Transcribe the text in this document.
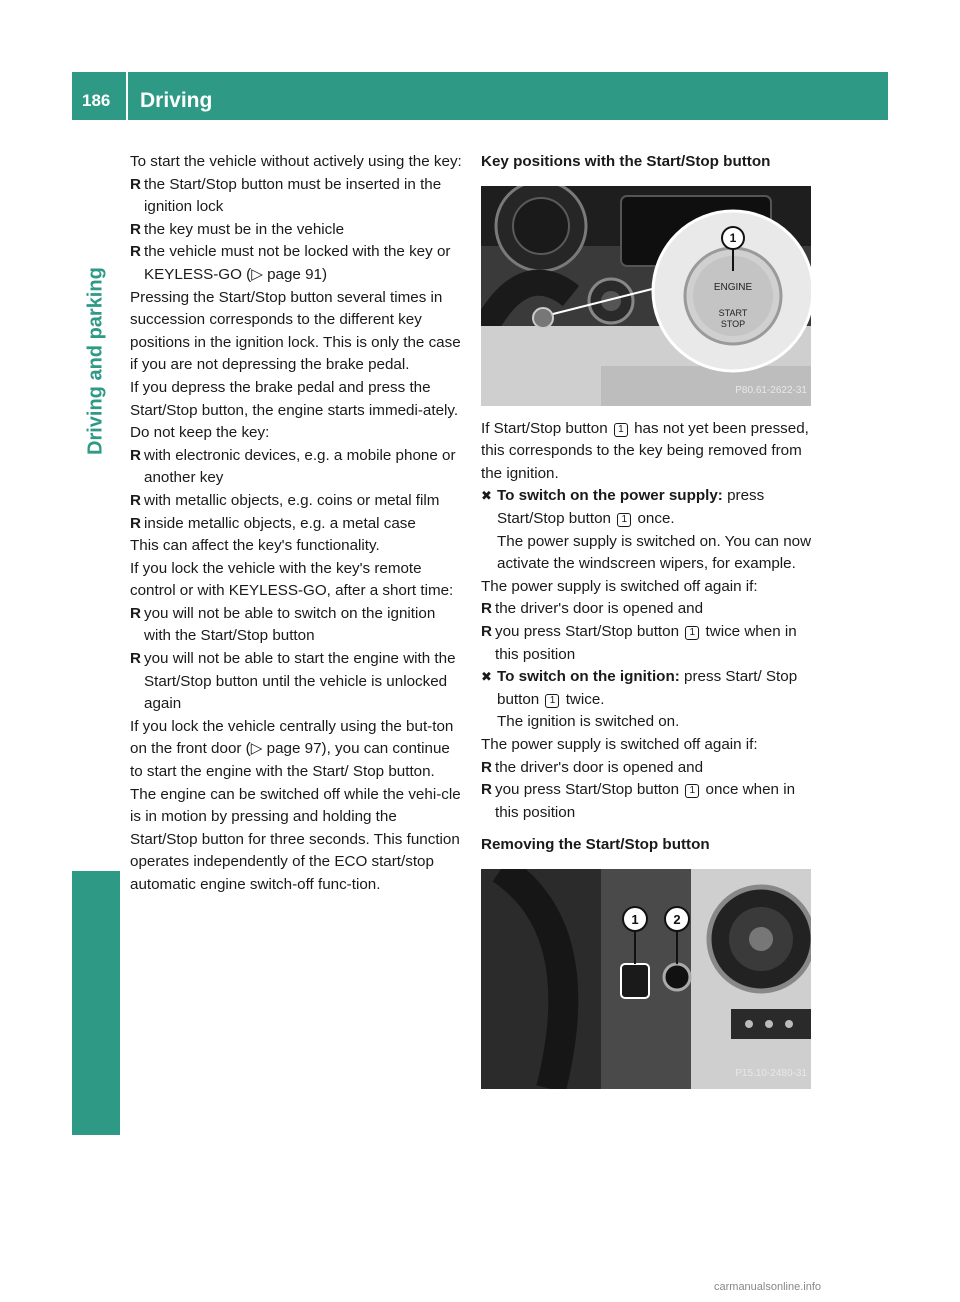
186 Driving
Driving and parking

To start the vehicle without actively using the key:

R the Start/Stop button must be inserted in the ignition lock

R the key must be in the vehicle

R the vehicle must not be locked with the key or KEYLESS-GO (▷ page 91)

Pressing the Start/Stop button several times in succession corresponds to the different key positions in the ignition lock. This is only the case if you are not depressing the brake pedal.

If you depress the brake pedal and press the Start/Stop button, the engine starts immedi-ately.

Do not keep the key:

R with electronic devices, e.g. a mobile phone or another key

R with metallic objects, e.g. coins or metal film

R inside metallic objects, e.g. a metal case

This can affect the key's functionality.

If you lock the vehicle with the key's remote control or with KEYLESS-GO, after a short time:

R you will not be able to switch on the ignition with the Start/Stop button

R you will not be able to start the engine with the Start/Stop button until the vehicle is unlocked again

If you lock the vehicle centrally using the but-ton on the front door (▷ page 97), you can continue to start the engine with the Start/ Stop button.

The engine can be switched off while the vehi-cle is in motion by pressing and holding the Start/Stop button for three seconds. This function operates independently of the ECO start/stop automatic engine switch-off func-tion.

Key positions with the Start/Stop button

ENGINE
START
STOP
1
P80.61-2622-31

If Start/Stop button 1 has not yet been pressed, this corresponds to the key being removed from the ignition.

✖ To switch on the power supply: press Start/Stop button 1 once.
The power supply is switched on. You can now activate the windscreen wipers, for example.

The power supply is switched off again if:

R the driver's door is opened and

R you press Start/Stop button 1 twice when in this position

✖ To switch on the ignition: press Start/ Stop button 1 twice.
The ignition is switched on.

The power supply is switched off again if:

R the driver's door is opened and

R you press Start/Stop button 1 once when in this position

Removing the Start/Stop button

1	2
P15.10-2480-31
carmanualsonline.info
